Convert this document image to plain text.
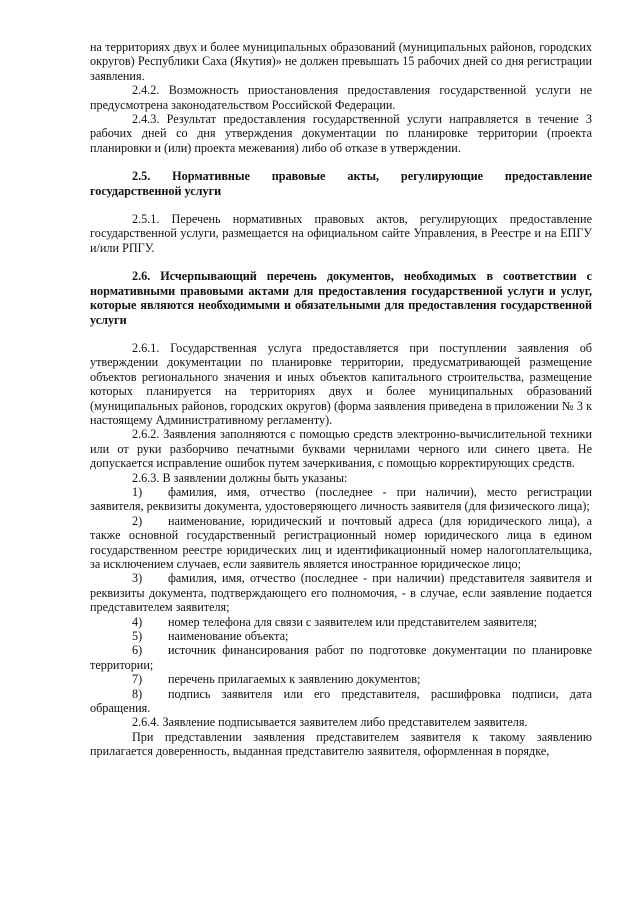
на территориях двух и более муниципальных образований (муниципальных районов, городских округов) Республики Саха (Якутия)» не должен превышать 15 рабочих дней со дня регистрации заявления.

2.4.2. Возможность приостановления предоставления государственной услуги не предусмотрена законодательством Российской Федерации.

2.4.3. Результат предоставления государственной услуги направляется в течение 3 рабочих дней со дня утверждения документации по планировке территории (проекта планировки и (или) проекта межевания) либо об отказе в утверждении.

2.5. Нормативные правовые акты, регулирующие предоставление государственной услуги

2.5.1. Перечень нормативных правовых актов, регулирующих предоставление государственной услуги, размещается на официальном сайте Управления, в Реестре и на ЕПГУ и/или РПГУ.

2.6. Исчерпывающий перечень документов, необходимых в соответствии с нормативными правовыми актами для предоставления государственной услуги и услуг, которые являются необходимыми и обязательными для предоставления государственной услуги

2.6.1. Государственная услуга предоставляется при поступлении заявления об утверждении документации по планировке территории, предусматривающей размещение объектов регионального значения и иных объектов капитального строительства, размещение которых планируется на территориях двух и более муниципальных образований (муниципальных районов, городских округов) (форма заявления приведена в приложении № 3 к настоящему Административному регламенту).

2.6.2. Заявления заполняются с помощью средств электронно-вычислительной техники или от руки разборчиво печатными буквами чернилами черного или синего цвета. Не допускается исправление ошибок путем зачеркивания, с помощью корректирующих средств.

2.6.3. В заявлении должны быть указаны:

1) фамилия, имя, отчество (последнее - при наличии), место регистрации заявителя, реквизиты документа, удостоверяющего личность заявителя (для физического лица);

2) наименование, юридический и почтовый адреса (для юридического лица), а также основной государственный регистрационный номер юридического лица в едином государственном реестре юридических лиц и идентификационный номер налогоплательщика, за исключением случаев, если заявитель является иностранное юридическое лицо;

3) фамилия, имя, отчество (последнее - при наличии) представителя заявителя и реквизиты документа, подтверждающего его полномочия, - в случае, если заявление подается представителем заявителя;

4) номер телефона для связи с заявителем или представителем заявителя;

5) наименование объекта;

6) источник финансирования работ по подготовке документации по планировке территории;

7) перечень прилагаемых к заявлению документов;

8) подпись заявителя или его представителя, расшифровка подписи, дата обращения.

2.6.4. Заявление подписывается заявителем либо представителем заявителя.

При представлении заявления представителем заявителя к такому заявлению прилагается доверенность, выданная представителю заявителя, оформленная в порядке,
